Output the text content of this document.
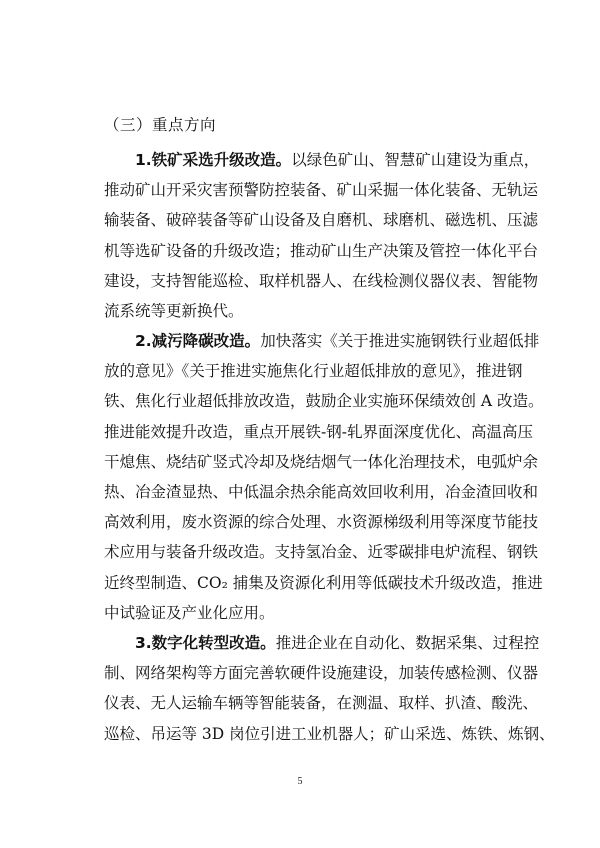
（三）重点方向
1.铁矿采选升级改造。以绿色矿山、智慧矿山建设为重点，
推动矿山开采灾害预警防控装备、矿山采掘一体化装备、无轨运
输装备、破碎装备等矿山设备及自磨机、球磨机、磁选机、压滤
机等选矿设备的升级改造；推动矿山生产决策及管控一体化平台
建设，支持智能巡检、取样机器人、在线检测仪器仪表、智能物
流系统等更新换代。
2.减污降碳改造。加快落实《关于推进实施钢铁行业超低排
放的意见》《关于推进实施焦化行业超低排放的意见》，推进钢
铁、焦化行业超低排放改造，鼓励企业实施环保绩效创 A 改造。
推进能效提升改造，重点开展铁-钢-轧界面深度优化、高温高压
干熄焦、烧结矿竖式冷却及烧结烟气一体化治理技术，电弧炉余
热、冶金渣显热、中低温余热余能高效回收利用，冶金渣回收和
高效利用，废水资源的综合处理、水资源梯级利用等深度节能技
术应用与装备升级改造。支持氢冶金、近零碳排电炉流程、钢铁
近终型制造、CO₂ 捕集及资源化利用等低碳技术升级改造，推进
中试验证及产业化应用。
3.数字化转型改造。推进企业在自动化、数据采集、过程控
制、网络架构等方面完善软硬件设施建设，加装传感检测、仪器
仪表、无人运输车辆等智能装备，在测温、取样、扒渣、酸洗、
巡检、吊运等 3D 岗位引进工业机器人；矿山采选、炼铁、炼钢、
5
